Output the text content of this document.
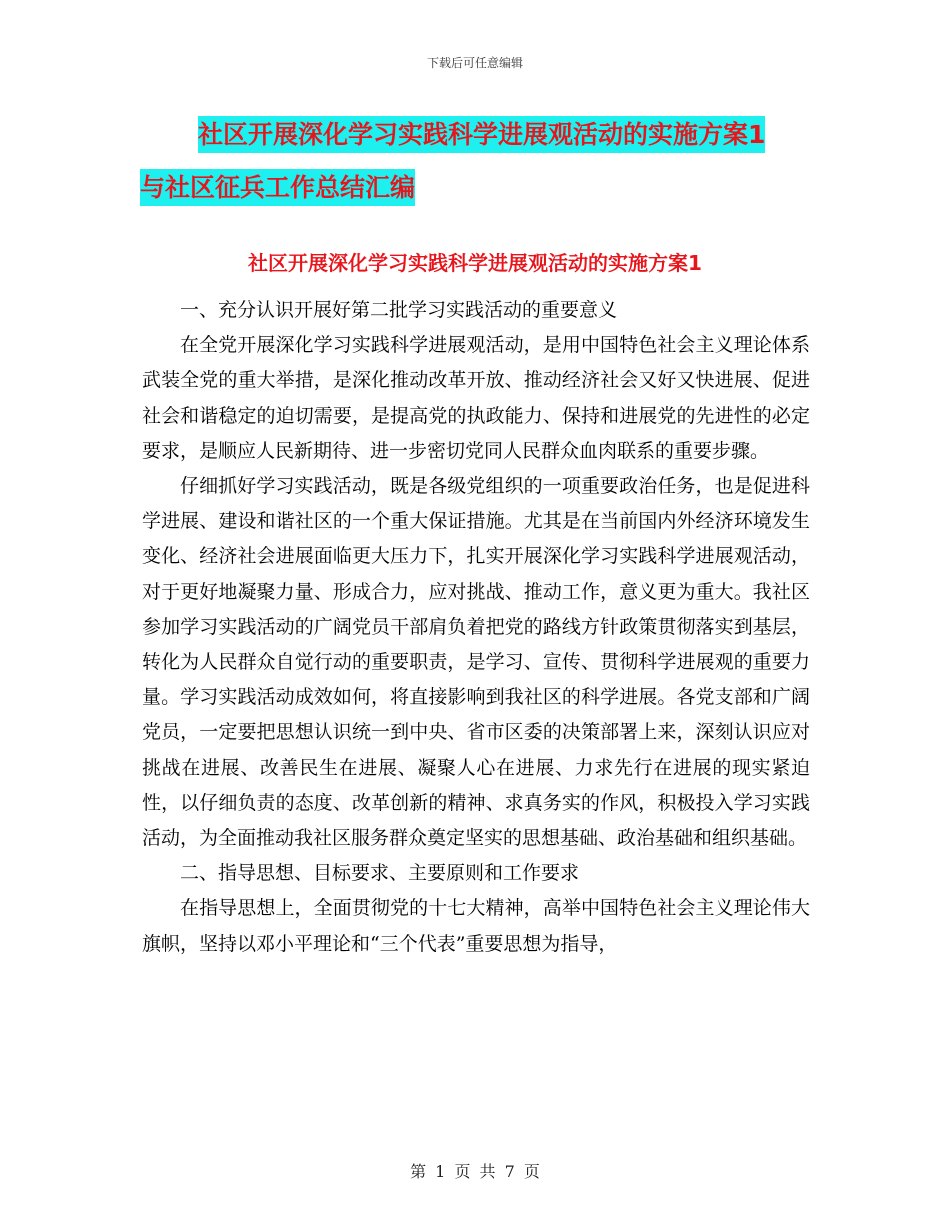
下载后可任意编辑
社区开展深化学习实践科学进展观活动的实施方案1
与社区征兵工作总结汇编
社区开展深化学习实践科学进展观活动的实施方案1

一、充分认识开展好第二批学习实践活动的重要意义

在全党开展深化学习实践科学进展观活动，是用中国特色社会主义理论体系武装全党的重大举措，是深化推动改革开放、推动经济社会又好又快进展、促进社会和谐稳定的迫切需要，是提高党的执政能力、保持和进展党的先进性的必定要求，是顺应人民新期待、进一步密切党同人民群众血肉联系的重要步骤。

仔细抓好学习实践活动，既是各级党组织的一项重要政治任务，也是促进科学进展、建设和谐社区的一个重大保证措施。尤其是在当前国内外经济环境发生变化、经济社会进展面临更大压力下，扎实开展深化学习实践科学进展观活动，对于更好地凝聚力量、形成合力，应对挑战、推动工作，意义更为重大。我社区参加学习实践活动的广阔党员干部肩负着把党的路线方针政策贯彻落实到基层，转化为人民群众自觉行动的重要职责，是学习、宣传、贯彻科学进展观的重要力量。学习实践活动成效如何，将直接影响到我社区的科学进展。各党支部和广阔党员，一定要把思想认识统一到中央、省市区委的决策部署上来，深刻认识应对挑战在进展、改善民生在进展、凝聚人心在进展、力求先行在进展的现实紧迫性，以仔细负责的态度、改革创新的精神、求真务实的作风，积极投入学习实践活动，为全面推动我社区服务群众奠定坚实的思想基础、政治基础和组织基础。

二、指导思想、目标要求、主要原则和工作要求

在指导思想上，全面贯彻党的十七大精神，高举中国特色社会主义理论伟大旗帜，坚持以邓小平理论和“三个代表”重要思想为指导，

第 1 页 共 7 页
